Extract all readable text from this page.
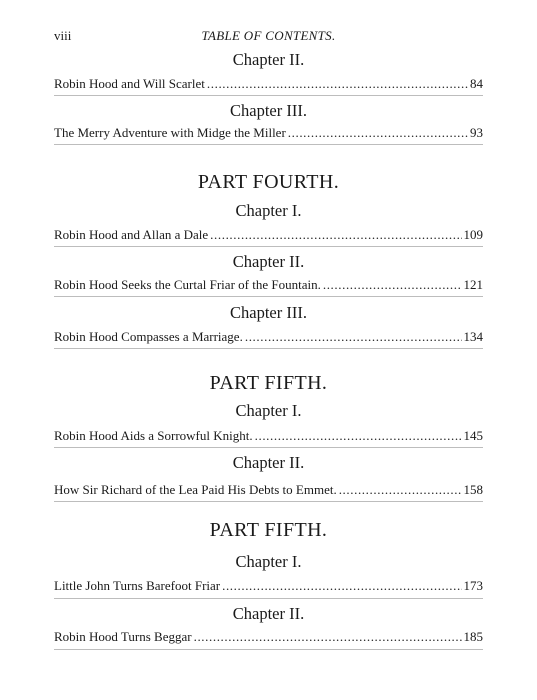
viii	TABLE OF CONTENTS.
Chapter II.
Robin Hood and Will Scarlet .....	84
Chapter III.
The Merry Adventure with Midge the Miller .....	93
PART FOURTH.
Chapter I.
Robin Hood and Allan a Dale .....	109
Chapter II.
Robin Hood Seeks the Curtal Friar of the Fountain. .....	121
Chapter III.
Robin Hood Compasses a Marriage. .....	134
PART FIFTH.
Chapter I.
Robin Hood Aids a Sorrowful Knight. .....	145
Chapter II.
How Sir Richard of the Lea Paid His Debts to Emmet. .....	158
PART FIFTH.
Chapter I.
Little John Turns Barefoot Friar .....	173
Chapter II.
Robin Hood Turns Beggar .....	185
